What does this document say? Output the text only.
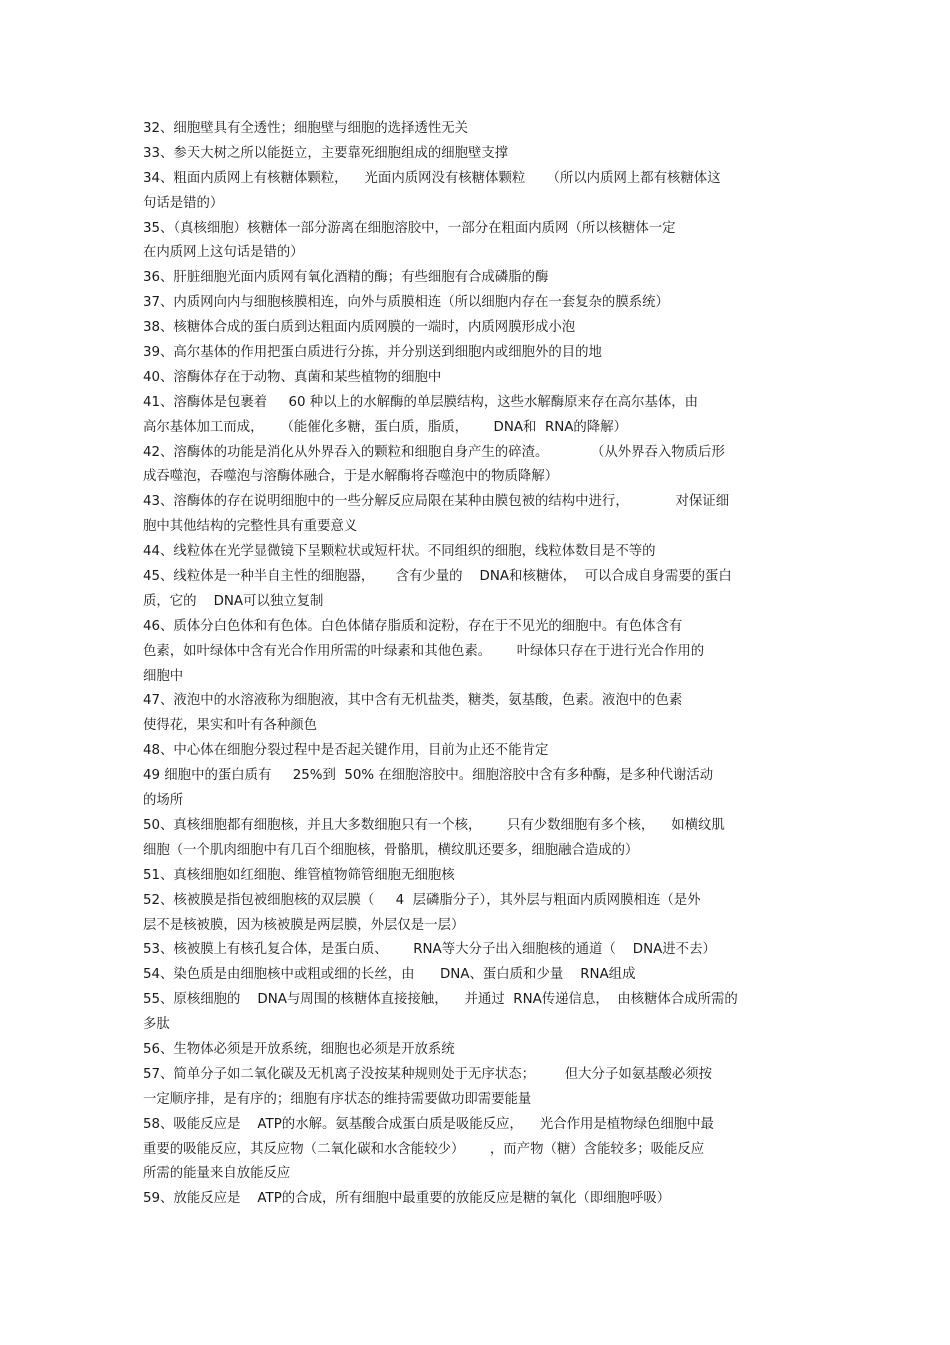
32、细胞壁具有全透性；细胞壁与细胞的选择透性无关
33、参天大树之所以能挺立，主要靠死细胞组成的细胞壁支撑
34、粗面内质网上有核糖体颗粒，    光面内质网没有核糖体颗粒     （所以内质网上都有核糖体这
句话是错的）
35、（真核细胞）核糖体一部分游离在细胞溶胶中，一部分在粗面内质网（所以核糖体一定
在内质网上这句话是错的）
36、肝脏细胞光面内质网有氧化酒精的酶；有些细胞有合成磷脂的酶
37、内质网向内与细胞核膜相连，向外与质膜相连（所以细胞内存在一套复杂的膜系统）
38、核糖体合成的蛋白质到达粗面内质网膜的一端时，内质网膜形成小泡
39、高尔基体的作用把蛋白质进行分拣，并分别送到细胞内或细胞外的目的地
40、溶酶体存在于动物、真菌和某些植物的细胞中
41、溶酶体是包裹着     60 种以上的水解酶的单层膜结构，这些水解酶原来存在高尔基体，由
高尔基体加工而成，    （能催化多糖，蛋白质，脂质，      DNA和  RNA的降解）
42、溶酶体的功能是消化从外界吞入的颗粒和细胞自身产生的碎渣。          （从外界吞入物质后形
成吞噬泡，吞噬泡与溶酶体融合，于是水解酶将吞噬泡中的物质降解）
43、溶酶体的存在说明细胞中的一些分解反应局限在某种由膜包被的结构中进行，           对保证细
胞中其他结构的完整性具有重要意义
44、线粒体在光学显微镜下呈颗粒状或短杆状。不同组织的细胞，线粒体数目是不等的
45、线粒体是一种半自主性的细胞器，     含有少量的    DNA和核糖体，  可以合成自身需要的蛋白
质，它的    DNA可以独立复制
46、质体分白色体和有色体。白色体储存脂质和淀粉，存在于不见光的细胞中。有色体含有
色素，如叶绿体中含有光合作用所需的叶绿素和其他色素。      叶绿体只存在于进行光合作用的
细胞中
47、液泡中的水溶液称为细胞液，其中含有无机盐类，糖类，氨基酸，色素。液泡中的色素
使得花，果实和叶有各种颜色
48、中心体在细胞分裂过程中是否起关键作用，目前为止还不能肯定
49 细胞中的蛋白质有     25%到  50% 在细胞溶胶中。细胞溶胶中含有多种酶，是多种代谢活动
的场所
50、真核细胞都有细胞核，并且大多数细胞只有一个核，      只有少数细胞有多个核，    如横纹肌
细胞（一个肌肉细胞中有几百个细胞核，骨骼肌，横纹肌还要多，细胞融合造成的）
51、真核细胞如红细胞、维管植物筛管细胞无细胞核
52、核被膜是指包被细胞核的双层膜（     4  层磷脂分子），其外层与粗面内质网膜相连（是外
层不是核被膜，因为核被膜是两层膜，外层仅是一层）
53、核被膜上有核孔复合体，是蛋白质、      RNA等大分子出入细胞核的通道（    DNA进不去）
54、染色质是由细胞核中或粗或细的长丝，由      DNA、蛋白质和少量    RNA组成
55、原核细胞的    DNA与周围的核糖体直接接触，    并通过  RNA传递信息，  由核糖体合成所需的
多肽
56、生物体必须是开放系统，细胞也必须是开放系统
57、简单分子如二氧化碳及无机离子没按某种规则处于无序状态；       但大分子如氨基酸必须按
一定顺序排，是有序的；细胞有序状态的维持需要做功即需要能量
58、吸能反应是    ATP的水解。氨基酸合成蛋白质是吸能反应，    光合作用是植物绿色细胞中最
重要的吸能反应，其反应物（二氧化碳和水含能较少）      ，而产物（糖）含能较多；吸能反应
所需的能量来自放能反应
59、放能反应是    ATP的合成，所有细胞中最重要的放能反应是糖的氧化（即细胞呼吸）
